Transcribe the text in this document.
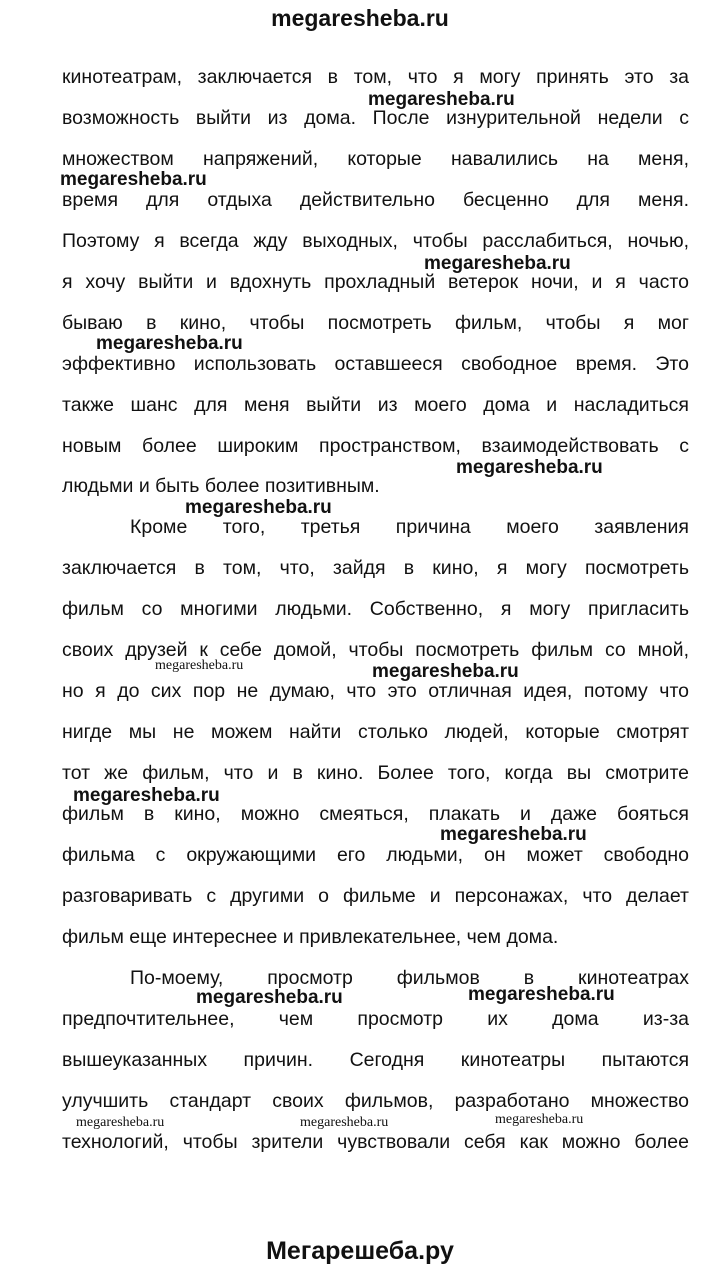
megaresheba.ru
кинотеатрам, заключается в том, что я могу принять это за
возможность выйти из дома. После изнурительной недели с
множеством напряжений, которые навалились на меня,
время для отдыха действительно бесценно для меня.
Поэтому я всегда жду выходных, чтобы расслабиться, ночью,
я хочу выйти и вдохнуть прохладный ветерок ночи, и я часто
бываю в кино, чтобы посмотреть фильм, чтобы я мог
эффективно использовать оставшееся свободное время. Это
также шанс для меня выйти из моего дома и насладиться
новым более широким пространством, взаимодействовать с
людьми и быть более позитивным.
Кроме того, третья причина моего заявления
заключается в том, что, зайдя в кино, я могу посмотреть
фильм со многими людьми. Собственно, я могу пригласить
своих друзей к себе домой, чтобы посмотреть фильм со мной,
но я до сих пор не думаю, что это отличная идея, потому что
нигде мы не можем найти столько людей, которые смотрят
тот же фильм, что и в кино. Более того, когда вы смотрите
фильм в кино, можно смеяться, плакать и даже бояться
фильма с окружающими его людьми, он может свободно
разговаривать с другими о фильме и персонажах, что делает
фильм еще интереснее и привлекательнее, чем дома.
По-моему, просмотр фильмов в кинотеатрах
предпочтительнее, чем просмотр их дома из-за
вышеуказанных причин. Сегодня кинотеатры пытаются
улучшить стандарт своих фильмов, разработано множество
технологий, чтобы зрители чувствовали себя как можно более
megaresheba.ru
megaresheba.ru
megaresheba.ru
megaresheba.ru
megaresheba.ru
megaresheba.ru
megaresheba.ru	megaresheba.ru
megaresheba.ru
megaresheba.ru
megaresheba.ru	megaresheba.ru
megaresheba.ru	megaresheba.ru	megaresheba.ru
Мегарешеба.ру
